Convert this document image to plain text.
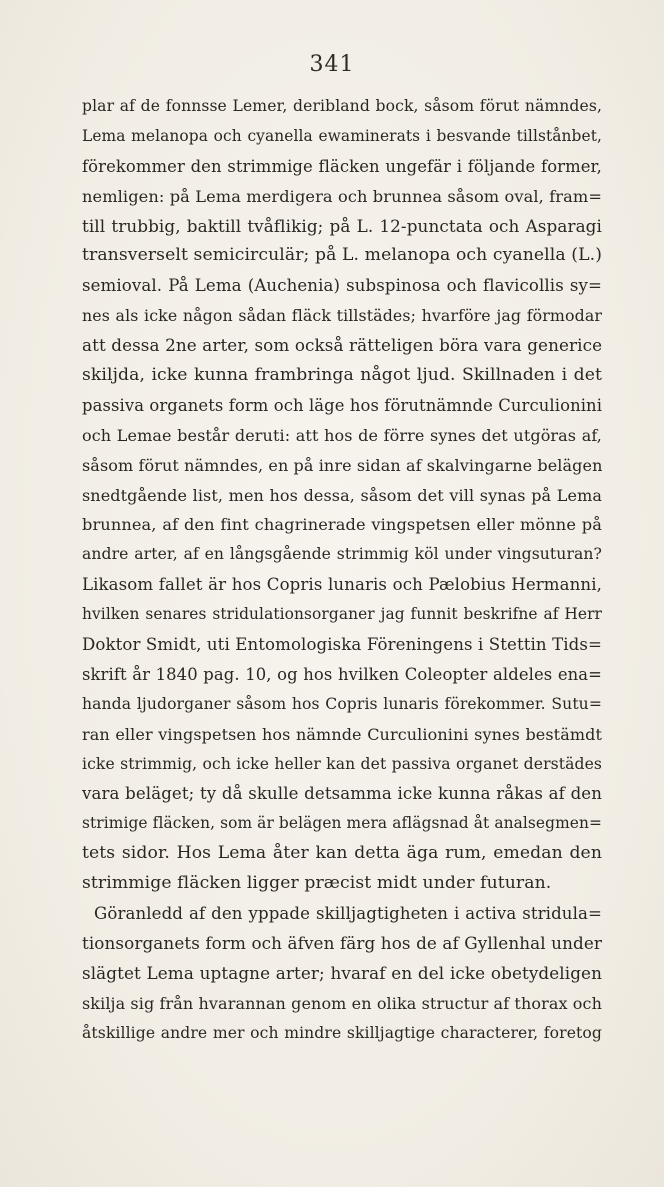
341
plar af de fonnsse Lemer, deribland bock, såsom förut nämndes,
Lema melanopa och cyanella ewaminerats i besvande tillstånbet,
förekommer den strimmige fläcken ungefär i följande former,
nemligen: på Lema merdigera och brunnea såsom oval, fram=
till trubbig, baktill tvåflikig; på L. 12-punctata och Asparagi
transverselt semicirculär; på L. melanopa och cyanella (L.)
semioval. På Lema (Auchenia) subspinosa och flavicollis sy=
nes als icke någon sådan fläck tillstädes; hvarföre jag förmodar
att dessa 2ne arter, som också rätteligen böra vara generice
skiljda, icke kunna frambringa något ljud. Skillnaden i det
passiva organets form och läge hos förutnämnde Curculionini
och Lemae består deruti: att hos de förre synes det utgöras af,
såsom förut nämndes, en på inre sidan af skalvingarne belägen
snedtgående list, men hos dessa, såsom det vill synas på Lema
brunnea, af den fint chagrinerade vingspetsen eller mönne på
andre arter, af en långsgående strimmig köl under vingsuturan?
Likasom fallet är hos Copris lunaris och Pælobius Hermanni,
hvilken senares stridulationsorganer jag funnit beskrifne af Herr
Doktor Smidt, uti Entomologiska Föreningens i Stettin Tids=
skrift år 1840 pag. 10, og hos hvilken Coleopter aldeles ena=
handa ljudorganer såsom hos Copris lunaris förekommer. Sutu=
ran eller vingspetsen hos nämnde Curculionini synes bestämdt
icke strimmig, och icke heller kan det passiva organet derstädes
vara beläget; ty då skulle detsamma icke kunna råkas af den
strimige fläcken, som är belägen mera aflägsnad åt analsegmen=
tets sidor. Hos Lema åter kan detta äga rum, emedan den
strimmige fläcken ligger præcist midt under futuran.
Göranledd af den yppade skilljagtigheten i activa stridula=
tionsorganets form och äfven färg hos de af Gyllenhal under
slägtet Lema uptagne arter; hvaraf en del icke obetydeligen
skilja sig från hvarannan genom en olika structur af thorax och
åtskillige andre mer och mindre skilljagtige characterer, foretog
